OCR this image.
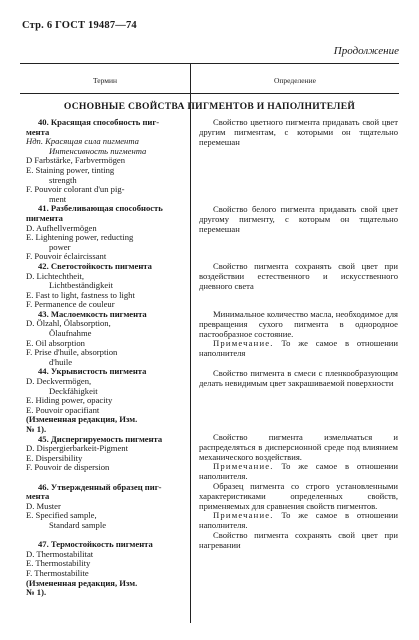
Стр. 6 ГОСТ 19487—74
Продолжение
Термин	Определение
ОСНОВНЫЕ СВОЙСТВА ПИГМЕНТОВ И НАПОЛНИТЕЛЕЙ
40. Красящая способность пиг-
мента
Ндп. Красящая сила пигмента
Интенсивность пигмента
D Farbstärke, Farbvermögen
E. Staining power, tinting
strength
F. Pouvoir colorant d'un pig-
ment
41. Разбеливающая способность
пигмента
D. Aufhellvermögen
E. Lightening power, reducting
power
F. Pouvoir éclaircissant
42. Светостойкость пигмента
D. Lichtechtheit,
Lichtbeständigkeit
E. Fast to light, fastness to light
F. Permanence de couleur
43. Маслоемкость пигмента
D. Ölzahl, Ölabsorption,
Ölaufnahme
E. Oil absorption
F. Prise d'huile, absorption
d'huile
44. Укрывистость пигмента
D. Deckvermögen,
Deckfähigkeit
E. Hiding power, opacity
E. Pouvoir opacifiant
(Измененная редакция, Изм.
№ 1).
45. Диспергируемость пигмента
D. Dispergierbarkeit-Pigment
E. Dispersibility
F. Pouvoir de dispersion
46. Утвержденный образец пиг-
мента
D. Muster
E. Specified sample,
Standard sample
47. Термостойкость пигмента
D. Thermostabilitat
E. Thermostability
F. Thermostabilite
(Измененная редакция, Изм.
№ 1).

Свойство цветного пигмента придавать свой цвет другим пигментам, с которыми он тщательно перемешан

Свойство белого пигмента придавать свой цвет другому пигменту, с которым он тщательно перемешан

Свойство пигмента сохранять свой цвет при воздействии естественного и искусственного дневного света

Минимальное количество масла, необходимое для превращения сухого пигмента в однородное пастообразное состояние.

Примечание. То же самое в отношении наполнителя

Свойство пигмента в смеси с пленкообразующим делать невидимым цвет закрашиваемой поверхности

Свойство пигмента измельчаться и распределяться в дисперсионной среде под влиянием механического воздействия.

Примечание. То же самое в отношении наполнителя.

Образец пигмента со строго установленными характеристиками определенных свойств, применяемых для сравнения свойств пигментов.

Примечание. То же самое в отношении наполнителя.

Свойство пигмента сохранять свой цвет при нагревании
